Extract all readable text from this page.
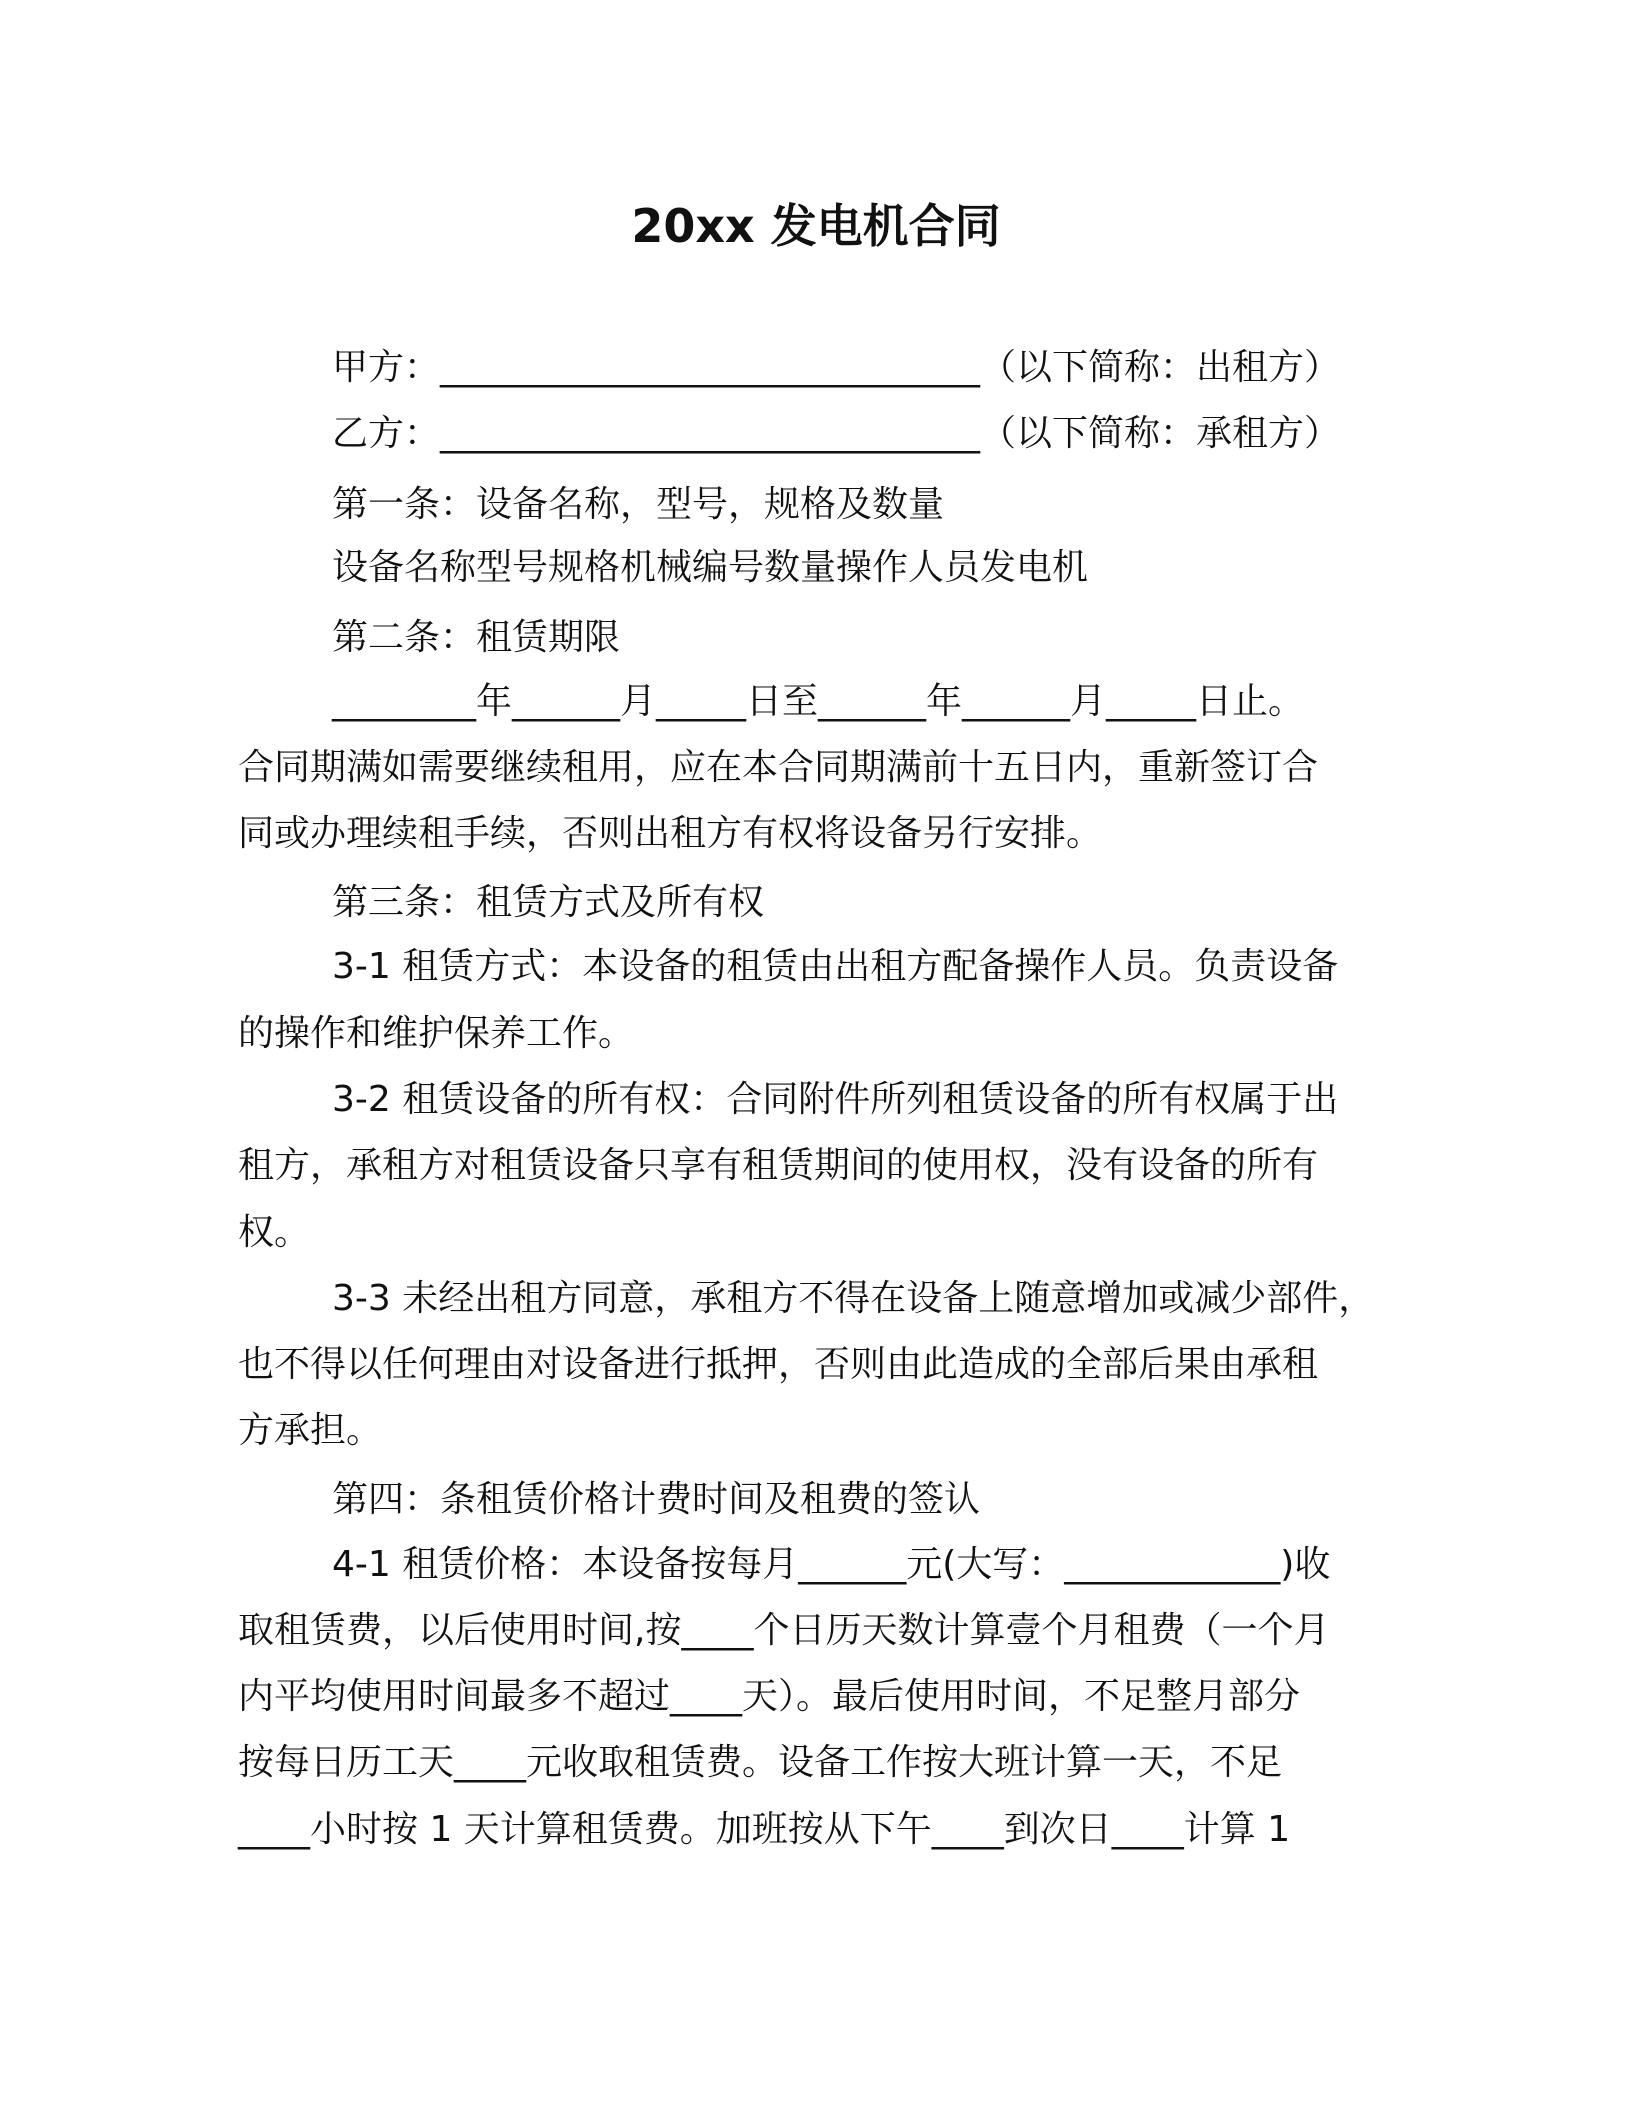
20xx 发电机合同
甲方：______________________________（以下简称：出租方）
乙方：______________________________（以下简称：承租方）
第一条：设备名称，型号，规格及数量
设备名称型号规格机械编号数量操作人员发电机
第二条：租赁期限
________年______月_____日至______年______月_____日止。
合同期满如需要继续租用，应在本合同期满前十五日内，重新签订合
同或办理续租手续，否则出租方有权将设备另行安排。
第三条：租赁方式及所有权
3-1 租赁方式：本设备的租赁由出租方配备操作人员。负责设备
的操作和维护保养工作。
3-2 租赁设备的所有权：合同附件所列租赁设备的所有权属于出
租方，承租方对租赁设备只享有租赁期间的使用权，没有设备的所有
权。
3-3 未经出租方同意，承租方不得在设备上随意增加或减少部件，
也不得以任何理由对设备进行抵押，否则由此造成的全部后果由承租
方承担。
第四：条租赁价格计费时间及租费的签认
4-1 租赁价格：本设备按每月______元(大写：____________)收
取租赁费，以后使用时间,按____个日历天数计算壹个月租费（一个月
内平均使用时间最多不超过____天）。最后使用时间，不足整月部分
按每日历工天____元收取租赁费。设备工作按大班计算一天，不足
____小时按 1 天计算租赁费。加班按从下午____到次日____计算 1
